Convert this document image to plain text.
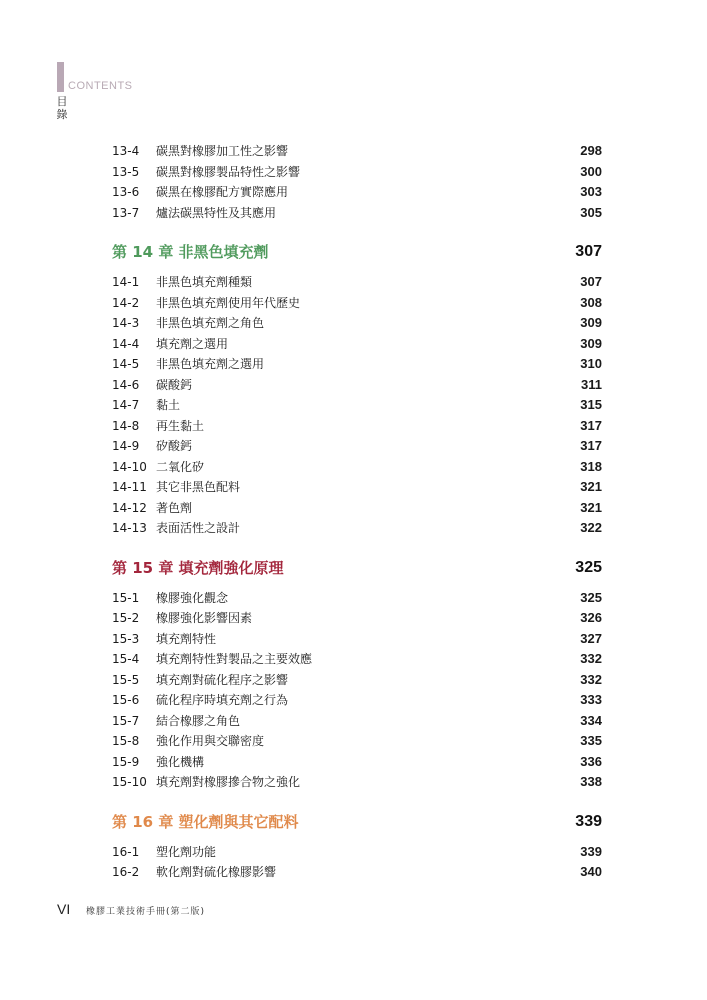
CONTENTS
目
錄
13-4	碳黑對橡膠加工性之影響	298
13-5	碳黑對橡膠製品特性之影響	300
13-6	碳黑在橡膠配方實際應用	303
13-7	爐法碳黑特性及其應用	305
第 14 章 非黑色填充劑	307
14-1	非黑色填充劑種類	307
14-2	非黑色填充劑使用年代歷史	308
14-3	非黑色填充劑之角色	309
14-4	填充劑之選用	309
14-5	非黑色填充劑之選用	310
14-6	碳酸鈣	311
14-7	黏土	315
14-8	再生黏土	317
14-9	矽酸鈣	317
14-10 二氧化矽	318
14-11 其它非黑色配料	321
14-12 著色劑	321
14-13 表面活性之設計	322
第 15 章 填充劑強化原理	325
15-1	橡膠強化觀念	325
15-2	橡膠強化影響因素	326
15-3	填充劑特性	327
15-4	填充劑特性對製品之主要效應	332
15-5	填充劑對硫化程序之影響	332
15-6	硫化程序時填充劑之行為	333
15-7	結合橡膠之角色	334
15-8	強化作用與交聯密度	335
15-9	強化機構	336
15-10 填充劑對橡膠摻合物之強化	338
第 16 章 塑化劑與其它配料	339
16-1	塑化劑功能	339
16-2	軟化劑對硫化橡膠影響	340
VI 橡膠工業技術手冊(第二版)
